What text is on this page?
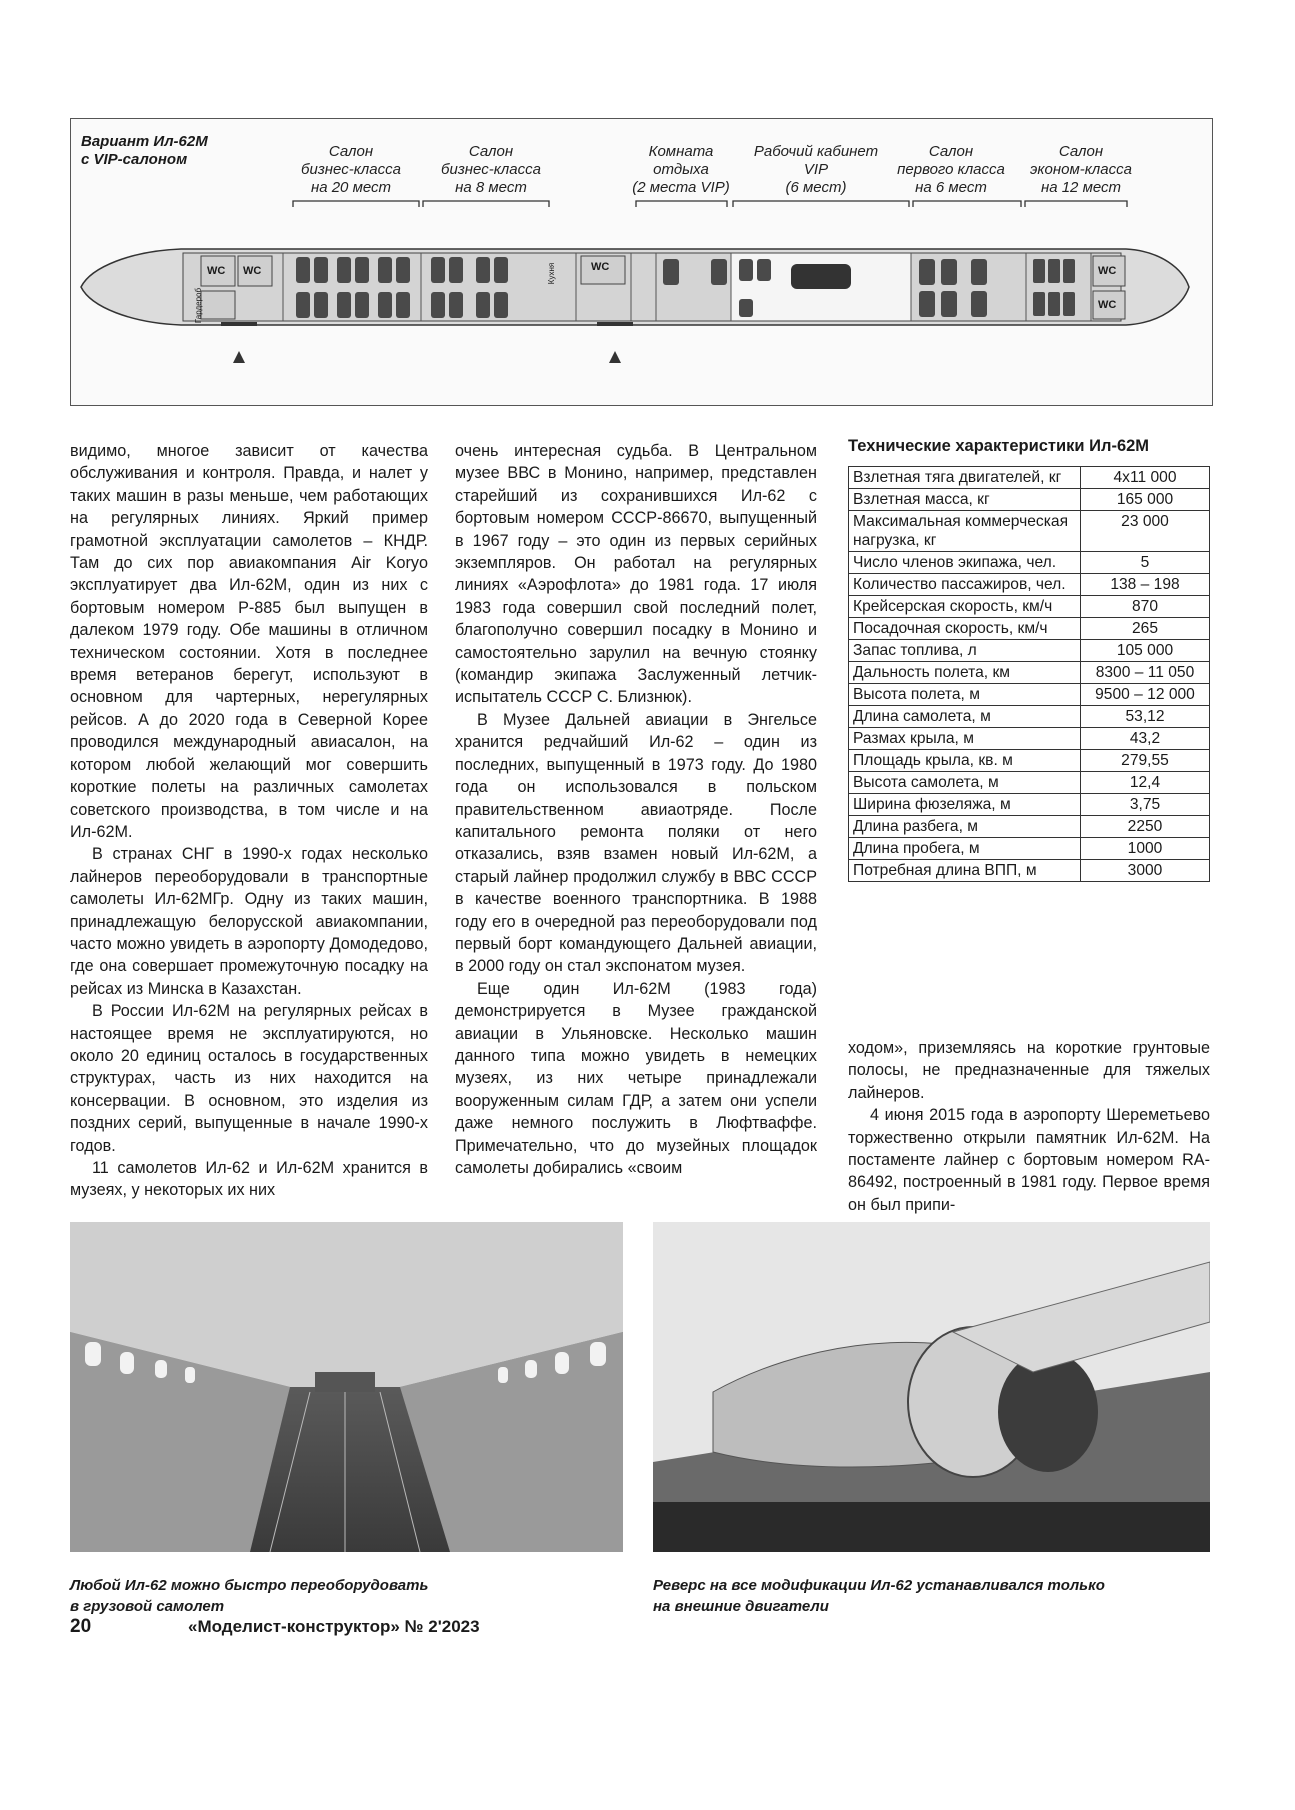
Вариант Ил-62М
с VIP-салоном	Салон
бизнес-класса
на 20 мест
Салон
бизнес-класса
на 8 мест
Комната
отдыха
(2 места VIP)
Рабочий кабинет
VIP
(6 мест)
Салон
первого класса
на 6 мест
Салон
эконом-класса
на 12 мест
WC WC	WC	WC
WC
Гардероб
Кухня

видимо, многое зависит от качества обслуживания и контроля. Правда, и налет у таких машин в разы меньше, чем работающих на регулярных линиях. Яркий пример грамотной эксплуатации самолетов – КНДР. Там до сих пор авиакомпания Air Koryo эксплуатирует два Ил-62М, один из них с бортовым номером Р-885 был выпущен в далеком 1979 году. Обе машины в отличном техническом состоянии. Хотя в последнее время ветеранов берегут, используют в основном для чартерных, нерегулярных рейсов. А до 2020 года в Северной Корее проводился международный авиасалон, на котором любой желающий мог совершить короткие полеты на различных самолетах советского производства, в том числе и на Ил-62М.

В странах СНГ в 1990-х годах несколько лайнеров переоборудовали в транспортные самолеты Ил-62МГр. Одну из таких машин, принадлежащую белорусской авиакомпании, часто можно увидеть в аэропорту Домодедово, где она совершает промежуточную посадку на рейсах из Минска в Казахстан.

В России Ил-62М на регулярных рейсах в настоящее время не эксплуатируются, но около 20 единиц осталось в государственных структурах, часть из них находится на консервации. В основном, это изделия из поздних серий, выпущенные в начале 1990-х годов.

11 самолетов Ил-62 и Ил-62М хранится в музеях, у некоторых их них

очень интересная судьба. В Центральном музее ВВС в Монино, например, представлен старейший из сохранившихся Ил-62 с бортовым номером СССР-86670, выпущенный в 1967 году – это один из первых серийных экземпляров. Он работал на регулярных линиях «Аэрофлота» до 1981 года. 17 июля 1983 года совершил свой последний полет, благополучно совершил посадку в Монино и самостоятельно зарулил на вечную стоянку (командир экипажа Заслуженный летчик-испытатель СССР С. Близнюк).

В Музее Дальней авиации в Энгельсе хранится редчайший Ил-62 – один из последних, выпущенный в 1973 году. До 1980 года он использовался в польском правительственном авиаотряде. После капитального ремонта поляки от него отказались, взяв взамен новый Ил-62М, а старый лайнер продолжил службу в ВВС СССР в качестве военного транспортника. В 1988 году его в очередной раз переоборудовали под первый борт командующего Дальней авиации, в 2000 году он стал экспонатом музея.

Еще один Ил-62М (1983 года) демонстрируется в Музее гражданской авиации в Ульяновске. Несколько машин данного типа можно увидеть в немецких музеях, из них четыре принадлежали вооруженным силам ГДР, а затем они успели даже немного послужить в Люфтваффе. Примечательно, что до музейных площадок самолеты добирались «своим

Технические характеристики Ил-62М
Взлетная тяга двигателей, кг	4x11 000
Взлетная масса, кг	165 000
Максимальная коммерческая нагрузка, кг	23 000
Число членов экипажа, чел.	5
Количество пассажиров, чел.	138 – 198
Крейсерская скорость, км/ч	870
Посадочная скорость, км/ч	265
Запас топлива, л	105 000
Дальность полета, км	8300 – 11 050
Высота полета, м	9500 – 12 000
Длина самолета, м	53,12
Размах крыла, м	43,2
Площадь крыла, кв. м	279,55
Высота самолета, м	12,4
Ширина фюзеляжа, м	3,75
Длина разбега, м	2250
Длина пробега, м	1000
Потребная длина ВПП, м	3000

ходом», приземляясь на короткие грунтовые полосы, не предназначенные для тяжелых лайнеров.

4 июня 2015 года в аэропорту Шереметьево торжественно открыли памятник Ил-62М. На постаменте лайнер с бортовым номером RA-86492, построенный в 1981 году. Первое время он был припи-

Любой Ил-62 можно быстро переоборудовать
в грузовой самолет
Реверс на все модификации Ил-62 устанавливался только
на внешние двигатели
20	«Моделист-конструктор» № 2'2023
